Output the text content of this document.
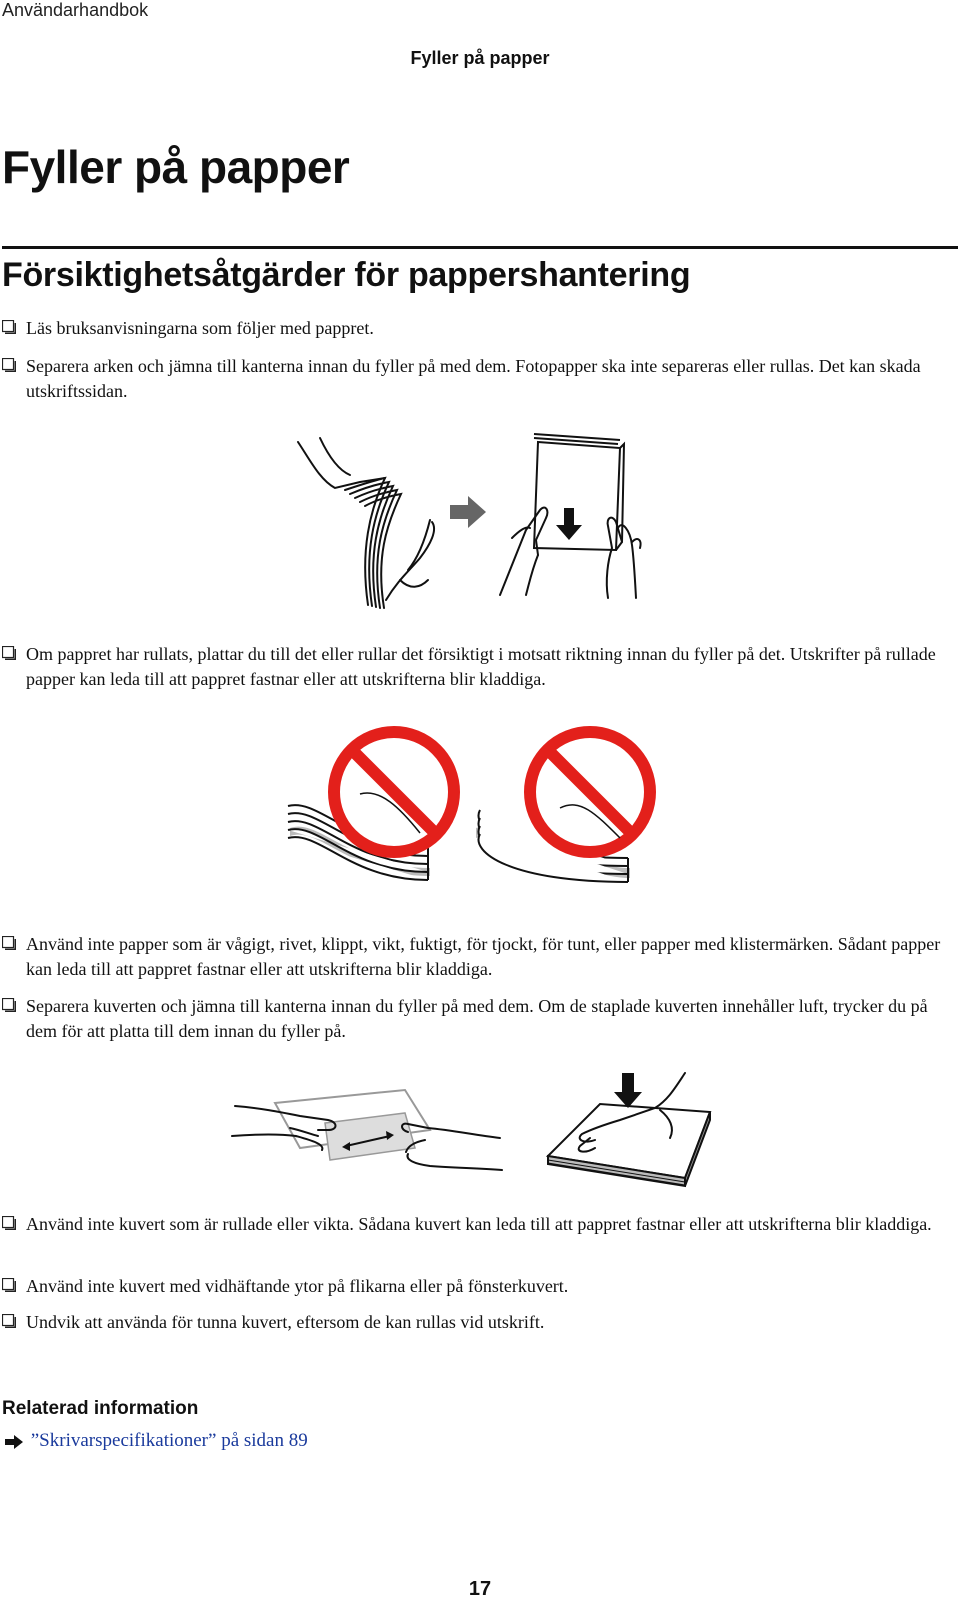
Användarhandbok
Fyller på papper
Fyller på papper
Försiktighetsåtgärder för pappershantering
Läs bruksanvisningarna som följer med pappret.
Separera arken och jämna till kanterna innan du fyller på med dem. Fotopapper ska inte separeras eller rullas. Det kan skada utskriftssidan.
Om pappret har rullats, plattar du till det eller rullar det försiktigt i motsatt riktning innan du fyller på det. Utskrifter på rullade papper kan leda till att pappret fastnar eller att utskrifterna blir kladdiga.
Använd inte papper som är vågigt, rivet, klippt, vikt, fuktigt, för tjockt, för tunt, eller papper med klistermärken. Sådant papper kan leda till att pappret fastnar eller att utskrifterna blir kladdiga.
Separera kuverten och jämna till kanterna innan du fyller på med dem. Om de staplade kuverten innehåller luft, trycker du på dem för att platta till dem innan du fyller på.
Använd inte kuvert som är rullade eller vikta. Sådana kuvert kan leda till att pappret fastnar eller att utskrifterna blir kladdiga.
Använd inte kuvert med vidhäftande ytor på flikarna eller på fönsterkuvert.
Undvik att använda för tunna kuvert, eftersom de kan rullas vid utskrift.
Relaterad information
”Skrivarspecifikationer” på sidan 89
17
